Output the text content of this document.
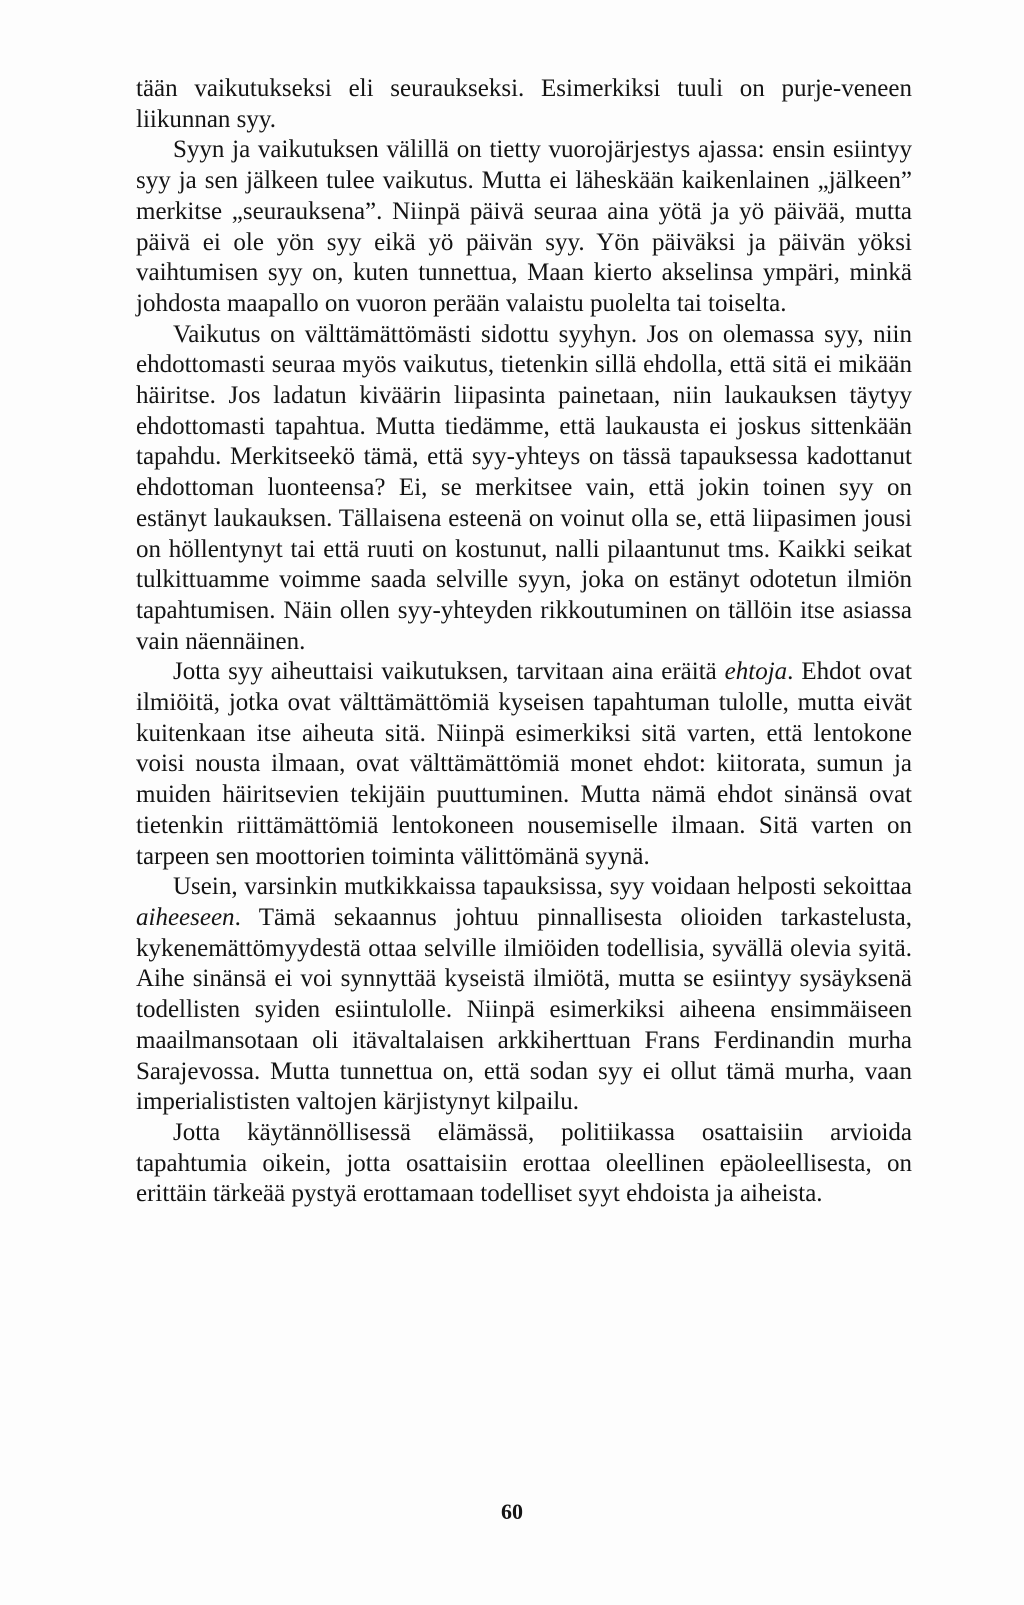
tään vaikutukseksi eli seuraukseksi. Esimerkiksi tuuli on purje-veneen liikunnan syy.

Syyn ja vaikutuksen välillä on tietty vuorojärjestys ajassa: ensin esiintyy syy ja sen jälkeen tulee vaikutus. Mutta ei läheskään kaikenlainen „jälkeen” merkitse „seurauksena”. Niinpä päivä seuraa aina yötä ja yö päivää, mutta päivä ei ole yön syy eikä yö päivän syy. Yön päiväksi ja päivän yöksi vaihtumisen syy on, kuten tunnettua, Maan kierto akselinsa ympäri, minkä johdosta maapallo on vuoron perään valaistu puolelta tai toiselta.

Vaikutus on välttämättömästi sidottu syyhyn. Jos on olemassa syy, niin ehdottomasti seuraa myös vaikutus, tietenkin sillä ehdolla, että sitä ei mikään häiritse. Jos ladatun kiväärin liipasinta painetaan, niin laukauksen täytyy ehdottomasti tapahtua. Mutta tiedämme, että laukausta ei joskus sittenkään tapahdu. Merkitseekö tämä, että syy-yhteys on tässä tapauksessa kadottanut ehdottoman luonteensa? Ei, se merkitsee vain, että jokin toinen syy on estänyt laukauksen. Tällaisena esteenä on voinut olla se, että liipasimen jousi on höllentynyt tai että ruuti on kostunut, nalli pilaantunut tms. Kaikki seikat tulkittuamme voimme saada selville syyn, joka on estänyt odotetun ilmiön tapahtumisen. Näin ollen syy-yhteyden rikkoutuminen on tällöin itse asiassa vain näennäinen.

Jotta syy aiheuttaisi vaikutuksen, tarvitaan aina eräitä ehtoja. Ehdot ovat ilmiöitä, jotka ovat välttämättömiä kyseisen tapahtuman tulolle, mutta eivät kuitenkaan itse aiheuta sitä. Niinpä esimerkiksi sitä varten, että lentokone voisi nousta ilmaan, ovat välttämättömiä monet ehdot: kiitorata, sumun ja muiden häiritsevien tekijäin puuttuminen. Mutta nämä ehdot sinänsä ovat tietenkin riittämättömiä lentokoneen nousemiselle ilmaan. Sitä varten on tarpeen sen moottorien toiminta välittömänä syynä.

Usein, varsinkin mutkikkaissa tapauksissa, syy voidaan helposti sekoittaa aiheeseen. Tämä sekaannus johtuu pinnallisesta olioiden tarkastelusta, kykenemättömyydestä ottaa selville ilmiöiden todellisia, syvällä olevia syitä. Aihe sinänsä ei voi synnyttää kyseistä ilmiötä, mutta se esiintyy sysäyksenä todellisten syiden esiintulolle. Niinpä esimerkiksi aiheena ensimmäiseen maailmansotaan oli itävaltalaisen arkkiherttuan Frans Ferdinandin murha Sarajevossa. Mutta tunnettua on, että sodan syy ei ollut tämä murha, vaan imperialististen valtojen kärjistynyt kilpailu.

Jotta käytännöllisessä elämässä, politiikassa osattaisiin arvioida tapahtumia oikein, jotta osattaisiin erottaa oleellinen epäoleellisesta, on erittäin tärkeää pystyä erottamaan todelliset syyt ehdoista ja aiheista.

60
